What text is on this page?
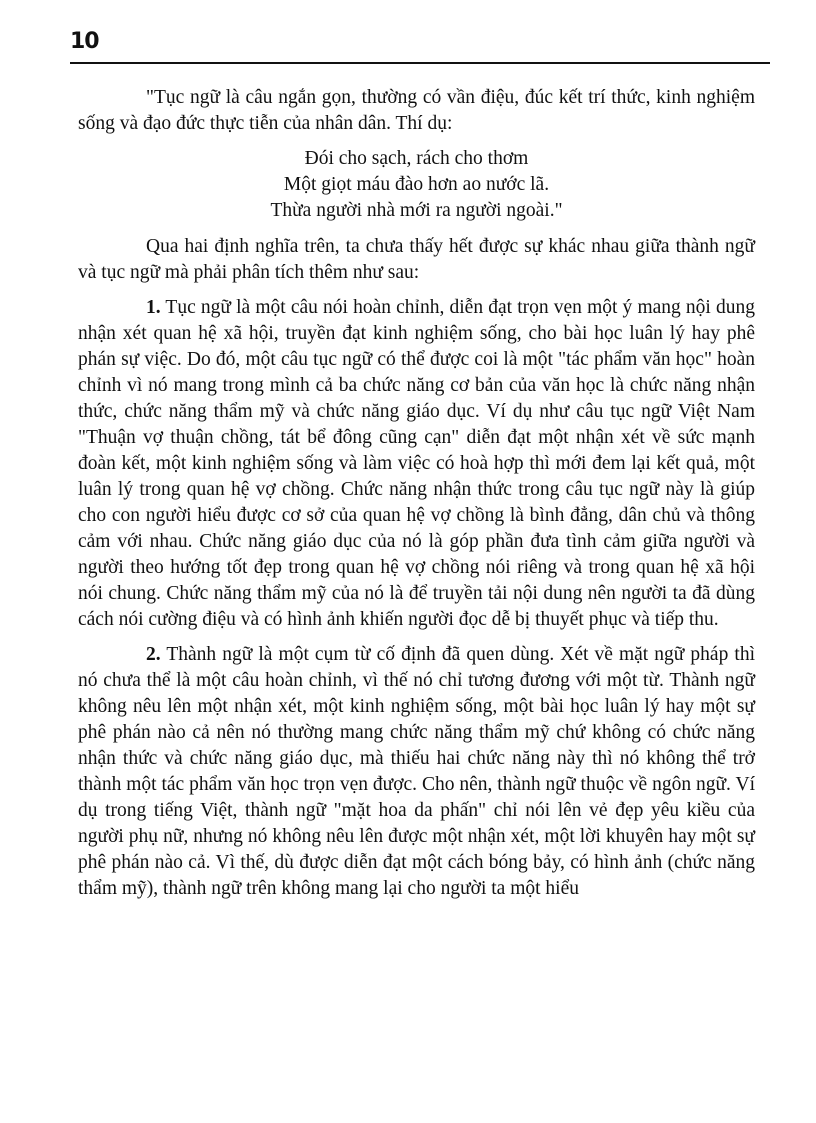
10

"Tục ngữ là câu ngắn gọn, thường có vần điệu, đúc kết trí thức, kinh nghiệm sống và đạo đức thực tiễn của nhân dân. Thí dụ:

Đói cho sạch, rách cho thơm
Một giọt máu đào hơn ao nước lã.
Thừa người nhà mới ra người ngoài."

Qua hai định nghĩa trên, ta chưa thấy hết được sự khác nhau giữa thành ngữ và tục ngữ mà phải phân tích thêm như sau:

1. Tục ngữ là một câu nói hoàn chỉnh, diễn đạt trọn vẹn một ý mang nội dung nhận xét quan hệ xã hội, truyền đạt kinh nghiệm sống, cho bài học luân lý hay phê phán sự việc. Do đó, một câu tục ngữ có thể được coi là một "tác phẩm văn học" hoàn chỉnh vì nó mang trong mình cả ba chức năng cơ bản của văn học là chức năng nhận thức, chức năng thẩm mỹ và chức năng giáo dục. Ví dụ như câu tục ngữ Việt Nam "Thuận vợ thuận chồng, tát bể đông cũng cạn" diễn đạt một nhận xét về sức mạnh đoàn kết, một kinh nghiệm sống và làm việc có hoà hợp thì mới đem lại kết quả, một luân lý trong quan hệ vợ chồng. Chức năng nhận thức trong câu tục ngữ này là giúp cho con người hiểu được cơ sở của quan hệ vợ chồng là bình đẳng, dân chủ và thông cảm với nhau. Chức năng giáo dục của nó là góp phần đưa tình cảm giữa người và người theo hướng tốt đẹp trong quan hệ vợ chồng nói riêng và trong quan hệ xã hội nói chung. Chức năng thẩm mỹ của nó là để truyền tải nội dung nên người ta đã dùng cách nói cường điệu và có hình ảnh khiến người đọc dễ bị thuyết phục và tiếp thu.

2. Thành ngữ là một cụm từ cố định đã quen dùng. Xét về mặt ngữ pháp thì nó chưa thể là một câu hoàn chỉnh, vì thế nó chỉ tương đương với một từ. Thành ngữ không nêu lên một nhận xét, một kinh nghiệm sống, một bài học luân lý hay một sự phê phán nào cả nên nó thường mang chức năng thẩm mỹ chứ không có chức năng nhận thức và chức năng giáo dục, mà thiếu hai chức năng này thì nó không thể trở thành một tác phẩm văn học trọn vẹn được. Cho nên, thành ngữ thuộc về ngôn ngữ. Ví dụ trong tiếng Việt, thành ngữ "mặt hoa da phấn" chỉ nói lên vẻ đẹp yêu kiều của người phụ nữ, nhưng nó không nêu lên được một nhận xét, một lời khuyên hay một sự phê phán nào cả. Vì thế, dù được diễn đạt một cách bóng bảy, có hình ảnh (chức năng thẩm mỹ), thành ngữ trên không mang lại cho người ta một hiểu
